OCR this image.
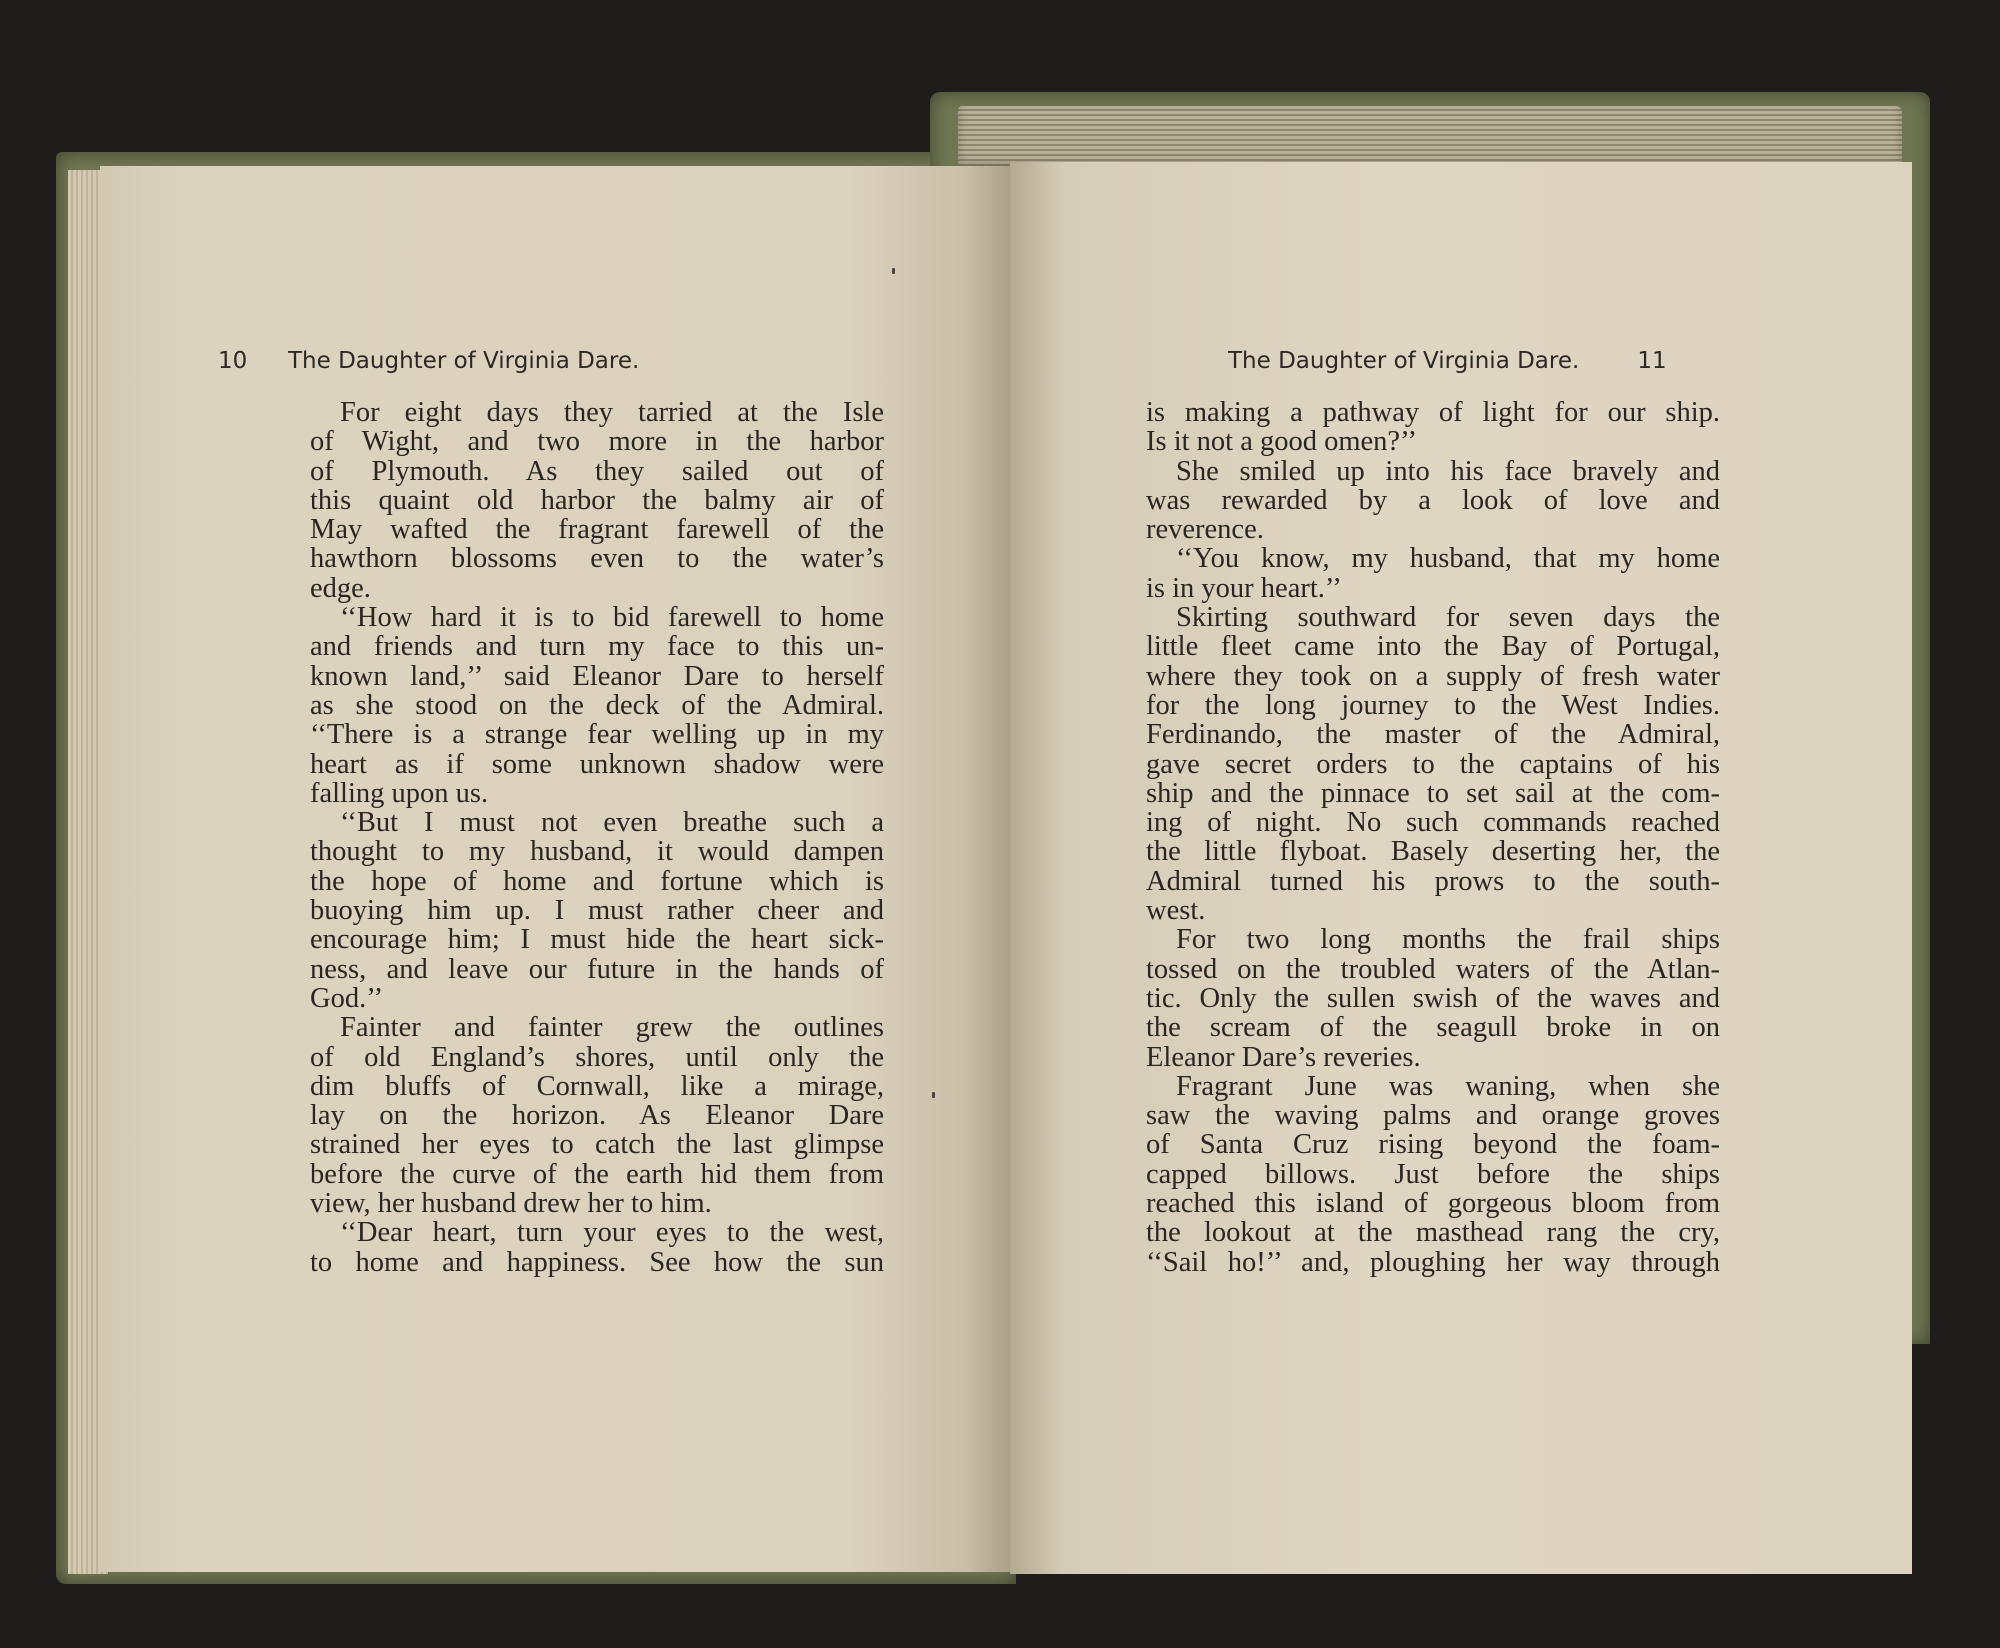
10 The Daughter of Virginia Dare.	The Daughter of Virginia Dare.	11
For eight days they tarried at the Isle
of Wight, and two more in the harbor
of Plymouth. As they sailed out of
this quaint old harbor the balmy air of
May wafted the fragrant farewell of the
hawthorn blossoms even to the water’s
edge.
‘‘How hard it is to bid farewell to home
and friends and turn my face to this un-
known land,’’ said Eleanor Dare to herself
as she stood on the deck of the Admiral.
‘‘There is a strange fear welling up in my
heart as if some unknown shadow were
falling upon us.
‘‘But I must not even breathe such a
thought to my husband, it would dampen
the hope of home and fortune which is
buoying him up. I must rather cheer and
encourage him; I must hide the heart sick-
ness, and leave our future in the hands of
God.’’
Fainter and fainter grew the outlines
of old England’s shores, until only the
dim bluffs of Cornwall, like a mirage,
lay on the horizon. As Eleanor Dare
strained her eyes to catch the last glimpse
before the curve of the earth hid them from
view, her husband drew her to him.
‘‘Dear heart, turn your eyes to the west,
to home and happiness. See how the sun
is making a pathway of light for our ship.
Is it not a good omen?’’
She smiled up into his face bravely and
was rewarded by a look of love and
reverence.
‘‘You know, my husband, that my home
is in your heart.’’
Skirting southward for seven days the
little fleet came into the Bay of Portugal,
where they took on a supply of fresh water
for the long journey to the West Indies.
Ferdinando, the master of the Admiral,
gave secret orders to the captains of his
ship and the pinnace to set sail at the com-
ing of night. No such commands reached
the little flyboat. Basely deserting her, the
Admiral turned his prows to the south-
west.
For two long months the frail ships
tossed on the troubled waters of the Atlan-
tic. Only the sullen swish of the waves and
the scream of the seagull broke in on
Eleanor Dare’s reveries.
Fragrant June was waning, when she
saw the waving palms and orange groves
of Santa Cruz rising beyond the foam-
capped billows. Just before the ships
reached this island of gorgeous bloom from
the lookout at the masthead rang the cry,
‘‘Sail ho!’’ and, ploughing her way through
